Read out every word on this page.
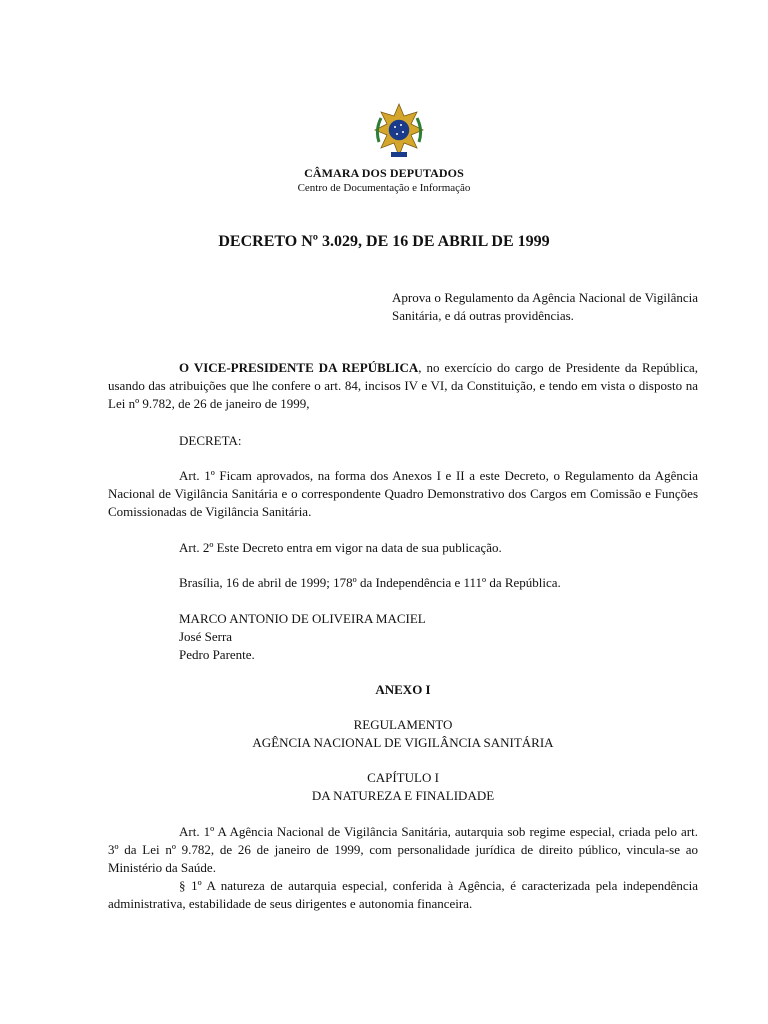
CÂMARA DOS DEPUTADOS
Centro de Documentação e Informação
DECRETO Nº 3.029, DE 16 DE ABRIL DE 1999
Aprova o Regulamento da Agência Nacional de Vigilância Sanitária, e dá outras providências.
O VICE-PRESIDENTE DA REPÚBLICA, no exercício do cargo de Presidente da República, usando das atribuições que lhe confere o art. 84, incisos IV e VI, da Constituição, e tendo em vista o disposto na Lei nº 9.782, de 26 de janeiro de 1999,
DECRETA:
Art. 1º Ficam aprovados, na forma dos Anexos I e II a este Decreto, o Regulamento da Agência Nacional de Vigilância Sanitária e o correspondente Quadro Demonstrativo dos Cargos em Comissão e Funções Comissionadas de Vigilância Sanitária.
Art. 2º Este Decreto entra em vigor na data de sua publicação.
Brasília, 16 de abril de 1999; 178º da Independência e 111º da República.
MARCO ANTONIO DE OLIVEIRA MACIEL
José Serra
Pedro Parente.
ANEXO I
REGULAMENTO
AGÊNCIA NACIONAL DE VIGILÂNCIA SANITÁRIA
CAPÍTULO I
DA NATUREZA E FINALIDADE
Art. 1º A Agência Nacional de Vigilância Sanitária, autarquia sob regime especial, criada pelo art. 3º da Lei nº 9.782, de 26 de janeiro de 1999, com personalidade jurídica de direito público, vincula-se ao Ministério da Saúde.
§ 1º A natureza de autarquia especial, conferida à Agência, é caracterizada pela independência administrativa, estabilidade de seus dirigentes e autonomia financeira.
